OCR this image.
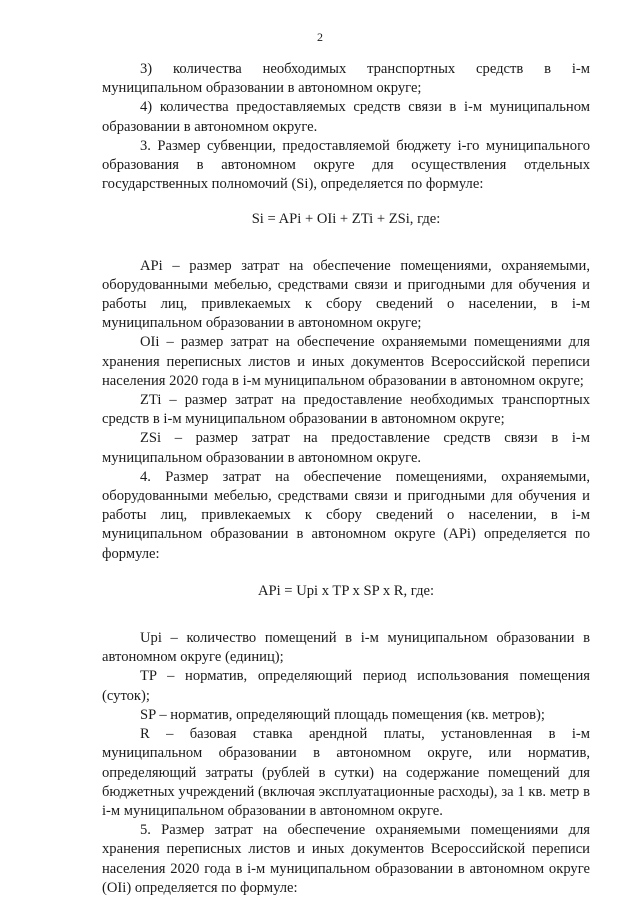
2

3) количества необходимых транспортных средств в i-м муниципальном образовании в автономном округе;

4) количества предоставляемых средств связи в i-м муниципальном образовании в автономном округе.

3. Размер субвенции, предоставляемой бюджету i-го муниципального образования в автономном округе для осуществления отдельных государственных полномочий (Si), определяется по формуле:

Si = APi + OIi + ZTi + ZSi, где:

APi – размер затрат на обеспечение помещениями, охраняемыми, оборудованными мебелью, средствами связи и пригодными для обучения и работы лиц, привлекаемых к сбору сведений о населении, в i-м муниципальном образовании в автономном округе;

OIi – размер затрат на обеспечение охраняемыми помещениями для хранения переписных листов и иных документов Всероссийской переписи населения 2020 года в i-м муниципальном образовании в автономном округе;

ZTi – размер затрат на предоставление необходимых транспортных средств в i-м муниципальном образовании в автономном округе;

ZSi – размер затрат на предоставление средств связи в i-м муниципальном образовании в автономном округе.

4. Размер затрат на обеспечение помещениями, охраняемыми, оборудованными мебелью, средствами связи и пригодными для обучения и работы лиц, привлекаемых к сбору сведений о населении, в i-м муниципальном образовании в автономном округе (APi) определяется по формуле:

APi = Upi x TP x SP x R, где:

Upi – количество помещений в i-м муниципальном образовании в автономном округе (единиц);

TP – норматив, определяющий период использования помещения (суток);

SP – норматив, определяющий площадь помещения (кв. метров);

R – базовая ставка арендной платы, установленная в i-м муниципальном образовании в автономном округе, или норматив, определяющий затраты (рублей в сутки) на содержание помещений для бюджетных учреждений (включая эксплуатационные расходы), за 1 кв. метр в i-м муниципальном образовании в автономном округе.

5. Размер затрат на обеспечение охраняемыми помещениями для хранения переписных листов и иных документов Всероссийской переписи населения 2020 года в i-м муниципальном образовании в автономном округе (OIi) определяется по формуле:
